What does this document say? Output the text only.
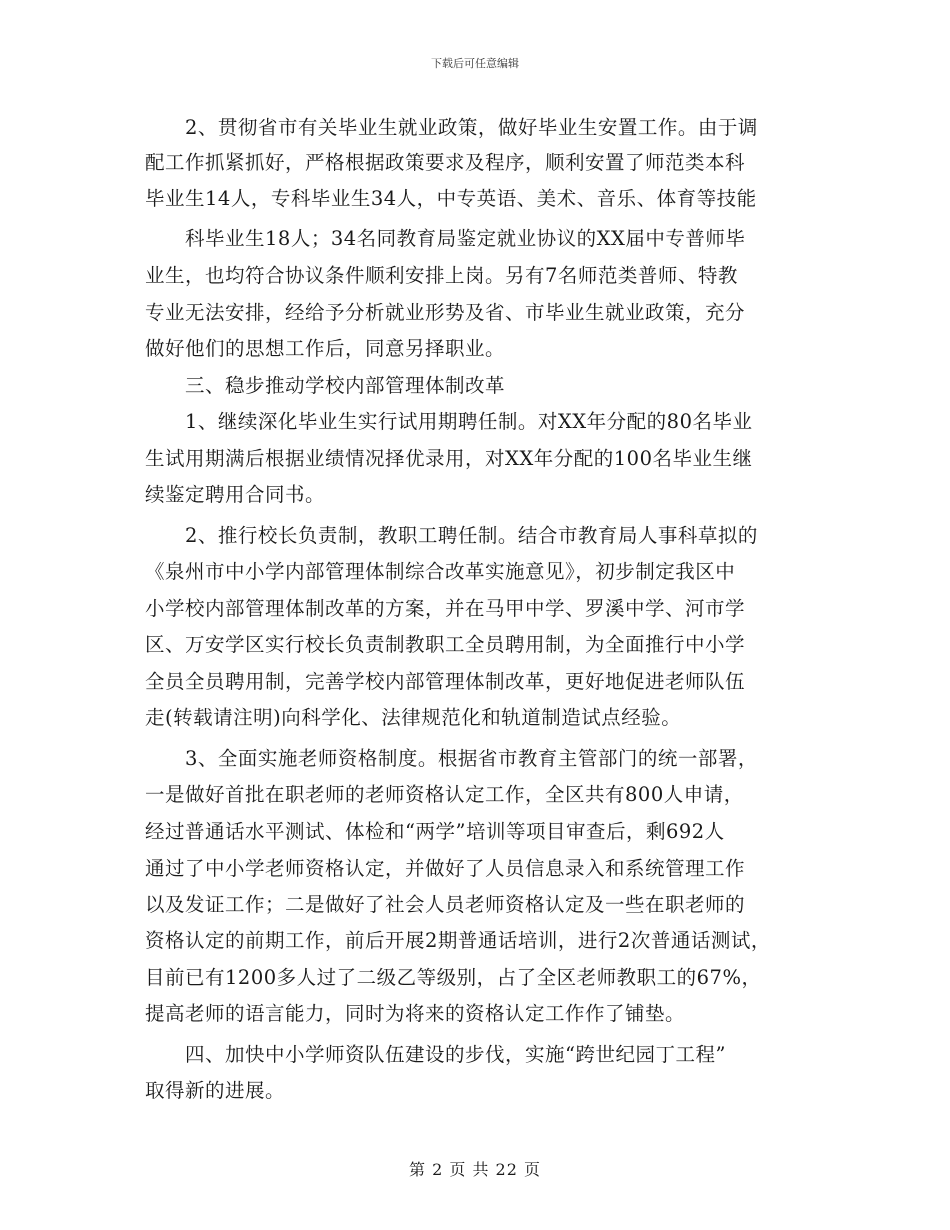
下载后可任意编辑
2、贯彻省市有关毕业生就业政策，做好毕业生安置工作。由于调
配工作抓紧抓好，严格根据政策要求及程序，顺利安置了师范类本科
毕业生14人，专科毕业生34人，中专英语、美术、音乐、体育等技能
科毕业生18人；34名同教育局鉴定就业协议的XX届中专普师毕
业生，也均符合协议条件顺利安排上岗。另有7名师范类普师、特教
专业无法安排，经给予分析就业形势及省、市毕业生就业政策，充分
做好他们的思想工作后，同意另择职业。
三、稳步推动学校内部管理体制改革
1、继续深化毕业生实行试用期聘任制。对XX年分配的80名毕业
生试用期满后根据业绩情况择优录用，对XX年分配的100名毕业生继
续鉴定聘用合同书。
2、推行校长负责制，教职工聘任制。结合市教育局人事科草拟的
《泉州市中小学内部管理体制综合改革实施意见》，初步制定我区中
小学校内部管理体制改革的方案，并在马甲中学、罗溪中学、河市学
区、万安学区实行校长负责制教职工全员聘用制，为全面推行中小学
全员全员聘用制，完善学校内部管理体制改革，更好地促进老师队伍
走(转载请注明)向科学化、法律规范化和轨道制造试点经验。
3、全面实施老师资格制度。根据省市教育主管部门的统一部署，
一是做好首批在职老师的老师资格认定工作，全区共有800人申请，
经过普通话水平测试、体检和“两学”培训等项目审查后，剩692人
通过了中小学老师资格认定，并做好了人员信息录入和系统管理工作
以及发证工作；二是做好了社会人员老师资格认定及一些在职老师的
资格认定的前期工作，前后开展2期普通话培训，进行2次普通话测试，
目前已有1200多人过了二级乙等级别，占了全区老师教职工的67%，
提高老师的语言能力，同时为将来的资格认定工作作了铺垫。
四、加快中小学师资队伍建设的步伐，实施“跨世纪园丁工程”
取得新的进展。
第 2 页 共 22 页
